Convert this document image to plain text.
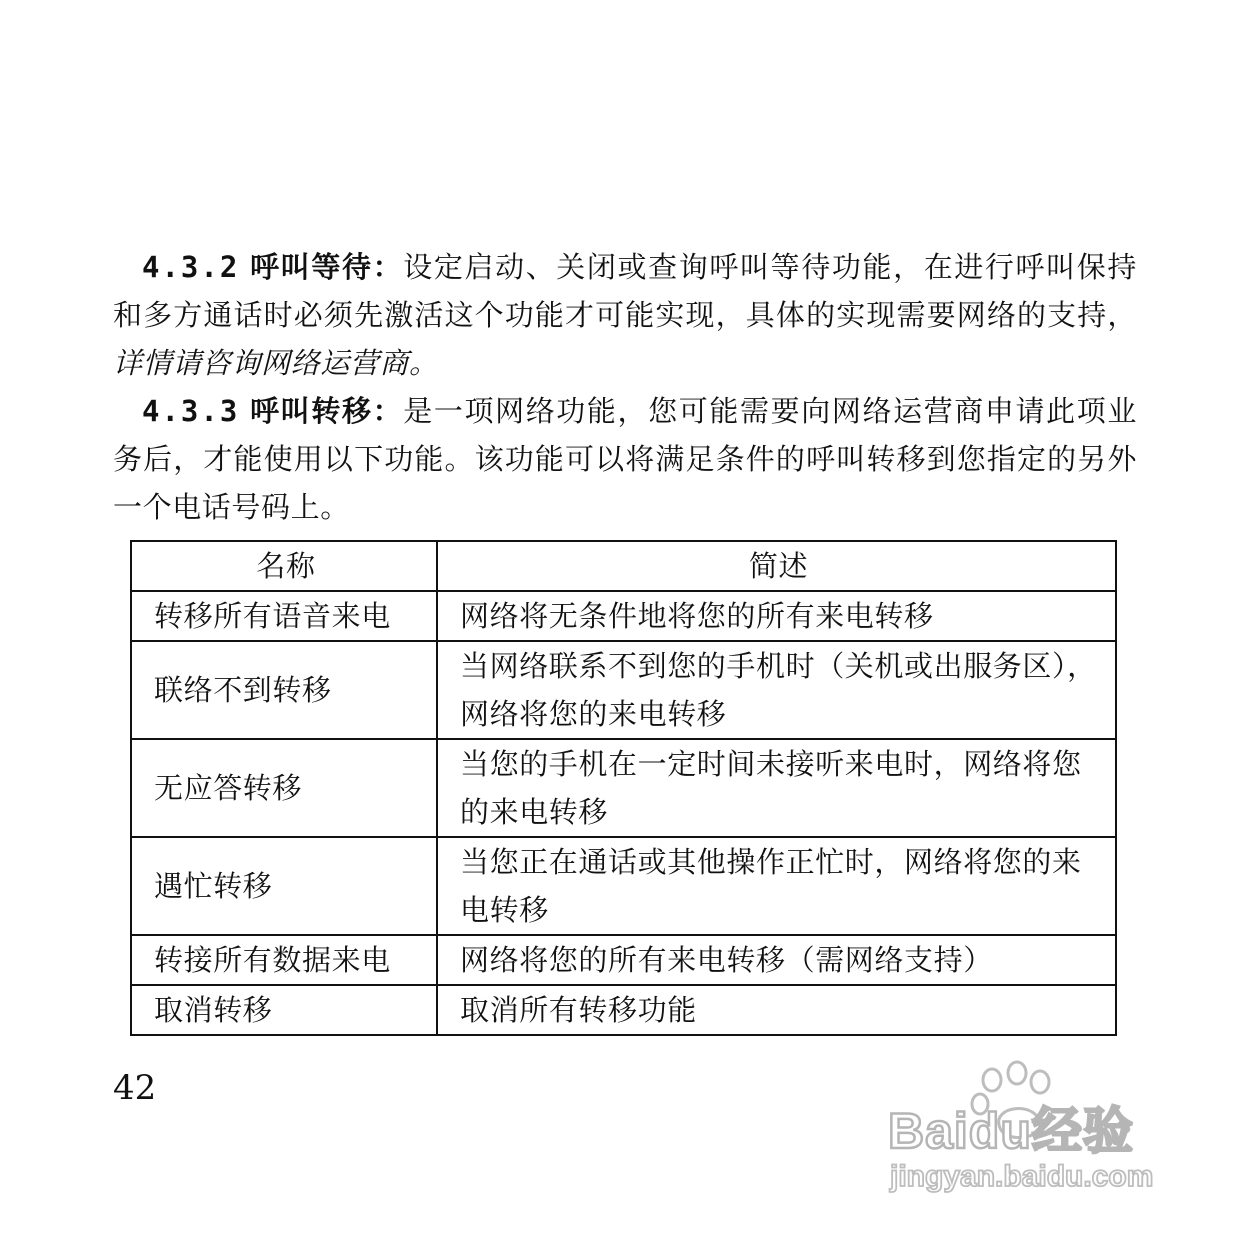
4.3.2 呼叫等待：设定启动、关闭或查询呼叫等待功能，在进行呼叫保持和多方通话时必须先激活这个功能才可能实现，具体的实现需要网络的支持，详情请咨询网络运营商。

4.3.3 呼叫转移：是一项网络功能，您可能需要向网络运营商申请此项业务后，才能使用以下功能。该功能可以将满足条件的呼叫转移到您指定的另外一个电话号码上。

名称	简述
转移所有语音来电	网络将无条件地将您的所有来电转移
联络不到转移	当网络联系不到您的手机时（关机或出服务区），网络将您的来电转移
无应答转移	当您的手机在一定时间未接听来电时，网络将您的来电转移
遇忙转移	当您正在通话或其他操作正忙时，网络将您的来电转移
转接所有数据来电	网络将您的所有来电转移（需网络支持）
取消转移	取消所有转移功能
42
Baidu经验
jingyan.baidu.com
